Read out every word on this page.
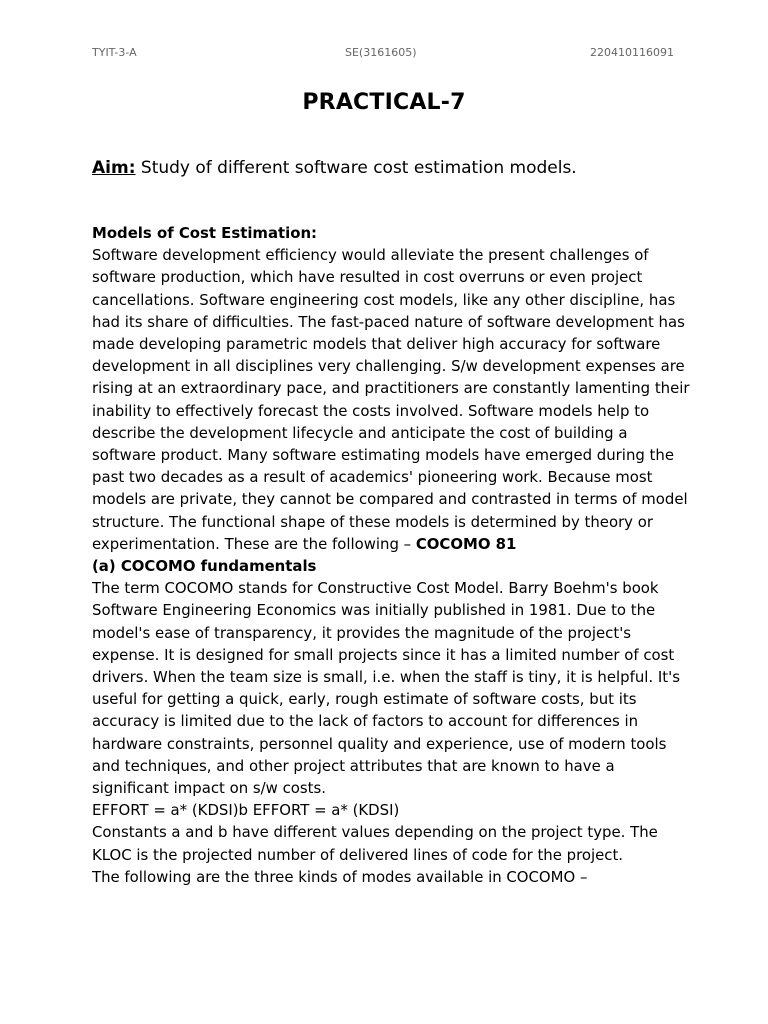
TYIT-3-A	SE(3161605)	220410116091
PRACTICAL-7
Aim: Study of different software cost estimation models.
Models of Cost Estimation:
Software development efficiency would alleviate the present challenges of
software production, which have resulted in cost overruns or even project
cancellations. Software engineering cost models, like any other discipline, has
had its share of difficulties. The fast-paced nature of software development has
made developing parametric models that deliver high accuracy for software
development in all disciplines very challenging. S/w development expenses are
rising at an extraordinary pace, and practitioners are constantly lamenting their
inability to effectively forecast the costs involved. Software models help to
describe the development lifecycle and anticipate the cost of building a
software product. Many software estimating models have emerged during the
past two decades as a result of academics' pioneering work. Because most
models are private, they cannot be compared and contrasted in terms of model
structure. The functional shape of these models is determined by theory or
experimentation. These are the following – COCOMO 81
(a) COCOMO fundamentals
The term COCOMO stands for Constructive Cost Model. Barry Boehm's book
Software Engineering Economics was initially published in 1981. Due to the
model's ease of transparency, it provides the magnitude of the project's
expense. It is designed for small projects since it has a limited number of cost
drivers. When the team size is small, i.e. when the staff is tiny, it is helpful. It's
useful for getting a quick, early, rough estimate of software costs, but its
accuracy is limited due to the lack of factors to account for differences in
hardware constraints, personnel quality and experience, use of modern tools
and techniques, and other project attributes that are known to have a
significant impact on s/w costs.
EFFORT = a* (KDSI)b EFFORT = a* (KDSI)
Constants a and b have different values depending on the project type. The
KLOC is the projected number of delivered lines of code for the project.
The following are the three kinds of modes available in COCOMO –
